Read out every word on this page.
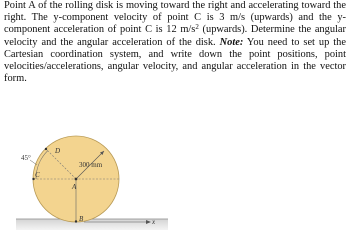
Point A of the rolling disk is moving toward the right and accelerating toward the right. The y-component velocity of point C is 3 m/s (upwards) and the y-component acceleration of point C is 12 $m/s^2$ (upwards). Determine the angular velocity and the angular acceleration of the disk. Note: You need to set up the Cartesian coordination system, and write down the point positions, point velocities/accelerations, angular velocity, and angular acceleration in the vector form.

D
C
A
B
45°
300 mm
x
